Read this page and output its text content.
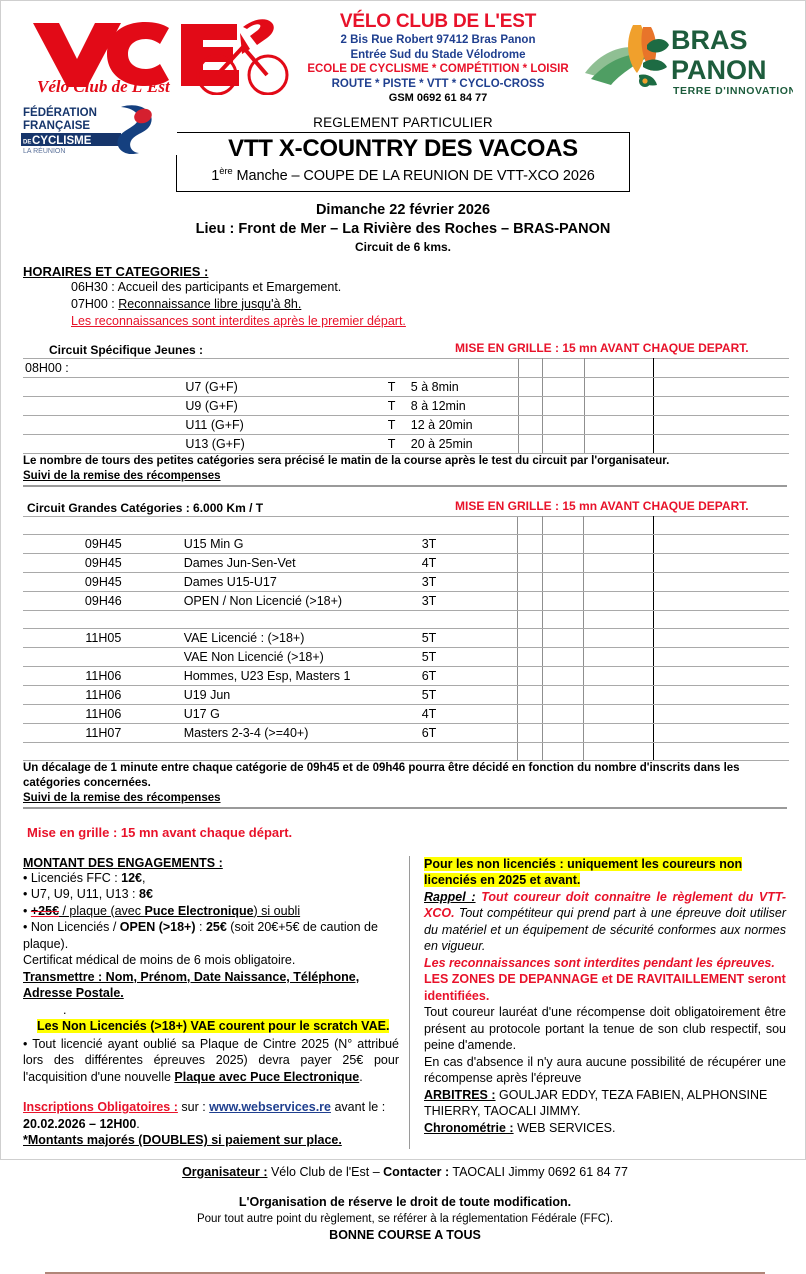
Vélo Club de L'Est
FÉDÉRATION
FRANÇAISE
DE CYCLISME
LA RÉUNION
BRAS
PANON
TERRE D'INNOVATION
VÉLO CLUB DE L'EST
2 Bis Rue Robert 97412 Bras Panon
Entrée Sud du Stade Vélodrome
ECOLE DE CYCLISME * COMPÉTITION * LOISIR
ROUTE * PISTE * VTT * CYCLO-CROSS
GSM 0692 61 84 77
REGLEMENT PARTICULIER
VTT X-COUNTRY DES VACOAS
1ère Manche – COUPE DE LA REUNION DE VTT-XCO 2026
Dimanche 22 février 2026
Lieu : Front de Mer – La Rivière des Roches – BRAS-PANON
Circuit de 6 kms.
HORAIRES ET CATEGORIES :
06H30 : Accueil des participants et Emargement.
07H00 : Reconnaissance libre jusqu'à 8h.
Les reconnaissances sont interdites après le premier départ.
Circuit Spécifique Jeunes :	MISE EN GRILLE : 15 mn AVANT CHAQUE DEPART.
08H00 :							
	U7 (G+F)	T	5 à 8min				
	U9 (G+F)	T	8 à 12min				
	U11 (G+F)	T	12 à 20min				
	U13 (G+F)	T	20 à 25min				
Le nombre de tours des petites catégories sera précisé le matin de la course après le test du circuit par l'organisateur.
Suivi de la remise des récompenses
Circuit Grandes Catégories : 6.000 Km / T	MISE EN GRILLE : 15 mn AVANT CHAQUE DEPART.

09H45	U15 Min G		3T				
09H45	Dames Jun-Sen-Vet		4T				
09H45	Dames U15-U17		3T				
09H46	OPEN / Non Licencié (>18+)		3T				

11H05	VAE Licencié : (>18+)		5T				
	VAE Non Licencié (>18+)		5T				
11H06	Hommes, U23 Esp, Masters 1		6T				
11H06	U19 Jun		5T				
11H06	U17 G		4T				
11H07	Masters 2-3-4 (>=40+)		6T				

Un décalage de 1 minute entre chaque catégorie de 09h45 et de 09h46 pourra être décidé en fonction du nombre d'inscrits dans les catégories concernées.
Suivi de la remise des récompenses
Mise en grille : 15 mn avant chaque départ.
MONTANT DES ENGAGEMENTS :
• Licenciés FFC : 12€,
• U7, U9, U11, U13 : 8€
• +25€ / plaque (avec Puce Electronique) si oubli
• Non Licenciés / OPEN (>18+) : 25€ (soit 20€+5€ de caution de plaque).
Certificat médical de moins de 6 mois obligatoire.
Transmettre : Nom, Prénom, Date Naissance, Téléphone, Adresse Postale.
.
Les Non Licenciés (>18+) VAE courent pour le scratch VAE.
• Tout licencié ayant oublié sa Plaque de Cintre 2025 (N° attribué lors des différentes épreuves 2025) devra payer 25€ pour l'acquisition d'une nouvelle Plaque avec Puce Electronique.
Inscriptions Obligatoires : sur : www.webservices.re avant le :
20.02.2026 – 12H00.
*Montants majorés (DOUBLES) si paiement sur place.
Pour les non licenciés : uniquement les coureurs non licenciés en 2025 et avant.
Rappel : Tout coureur doit connaitre le règlement du VTT-XCO. Tout compétiteur qui prend part à une épreuve doit utiliser du matériel et un équipement de sécurité conformes aux normes en vigueur.
Les reconnaissances sont interdites pendant les épreuves.
LES ZONES DE DEPANNAGE et DE RAVITAILLEMENT seront identifiées.
Tout coureur lauréat d'une récompense doit obligatoirement être présent au protocole portant la tenue de son club respectif, sou peine d'amende.
En cas d'absence il n'y aura aucune possibilité de récupérer une récompense après l'épreuve
ARBITRES : GOULJAR EDDY, TEZA FABIEN, ALPHONSINE THIERRY, TAOCALI JIMMY.
Chronométrie : WEB SERVICES.
Organisateur : Vélo Club de l'Est – Contacter : TAOCALI Jimmy 0692 61 84 77
L'Organisation de réserve le droit de toute modification.
Pour tout autre point du règlement, se référer à la réglementation Fédérale (FFC).
BONNE COURSE A TOUS
